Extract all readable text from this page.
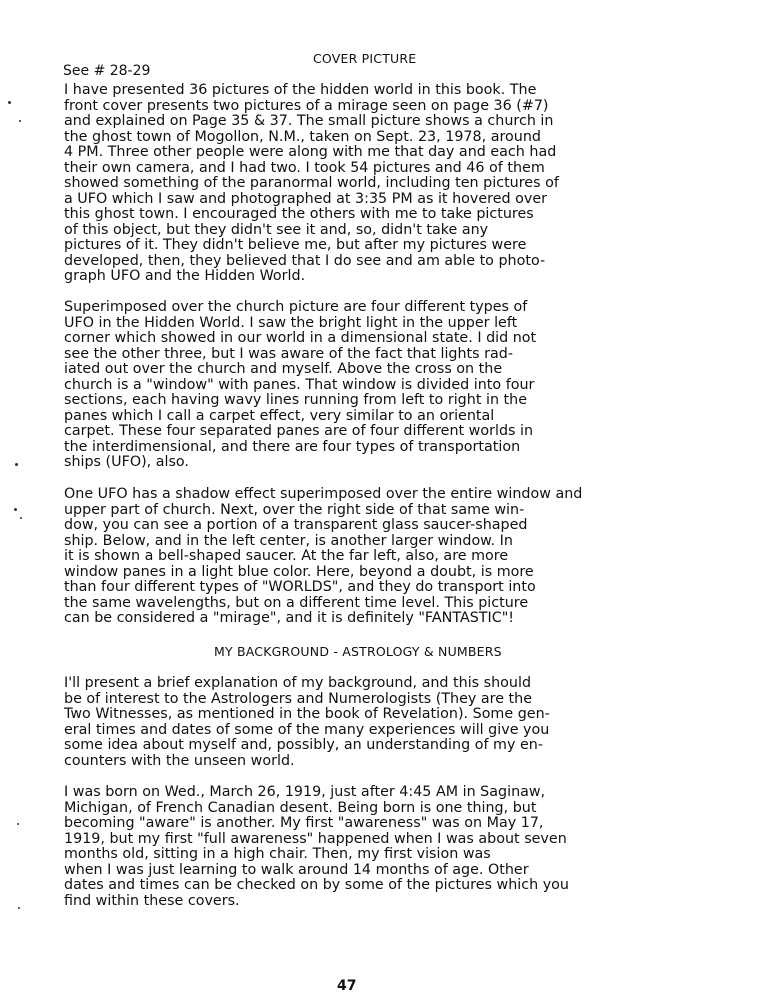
COVER PICTURE
See # 28-29
I have presented 36 pictures of the hidden world in this book. The
front cover presents two pictures of a mirage seen on page 36 (#7)
and explained on Page 35 & 37. The small picture shows a church in
the ghost town of Mogollon, N.M., taken on Sept. 23, 1978, around
4 PM. Three other people were along with me that day and each had
their own camera, and I had two. I took 54 pictures and 46 of them
showed something of the paranormal world, including ten pictures of
a UFO which I saw and photographed at 3:35 PM as it hovered over
this ghost town. I encouraged the others with me to take pictures
of this object, but they didn't see it and, so, didn't take any
pictures of it. They didn't believe me, but after my pictures were
developed, then, they believed that I do see and am able to photo-
graph UFO and the Hidden World.
Superimposed over the church picture are four different types of
UFO in the Hidden World. I saw the bright light in the upper left
corner which showed in our world in a dimensional state. I did not
see the other three, but I was aware of the fact that lights rad-
iated out over the church and myself. Above the cross on the
church is a "window" with panes. That window is divided into four
sections, each having wavy lines running from left to right in the
panes which I call a carpet effect, very similar to an oriental
carpet. These four separated panes are of four different worlds in
the interdimensional, and there are four types of transportation
ships (UFO), also.
One UFO has a shadow effect superimposed over the entire window and
upper part of church. Next, over the right side of that same win-
dow, you can see a portion of a transparent glass saucer-shaped
ship. Below, and in the left center, is another larger window. In
it is shown a bell-shaped saucer. At the far left, also, are more
window panes in a light blue color. Here, beyond a doubt, is more
than four different types of "WORLDS", and they do transport into
the same wavelengths, but on a different time level. This picture
can be considered a "mirage", and it is definitely "FANTASTIC"!
MY BACKGROUND - ASTROLOGY & NUMBERS
I'll present a brief explanation of my background, and this should
be of interest to the Astrologers and Numerologists (They are the
Two Witnesses, as mentioned in the book of Revelation). Some gen-
eral times and dates of some of the many experiences will give you
some idea about myself and, possibly, an understanding of my en-
counters with the unseen world.
I was born on Wed., March 26, 1919, just after 4:45 AM in Saginaw,
Michigan, of French Canadian desent. Being born is one thing, but
becoming "aware" is another. My first "awareness" was on May 17,
1919, but my first "full awareness" happened when I was about seven
months old, sitting in a high chair. Then, my first vision was
when I was just learning to walk around 14 months of age. Other
dates and times can be checked on by some of the pictures which you
find within these covers.
47
